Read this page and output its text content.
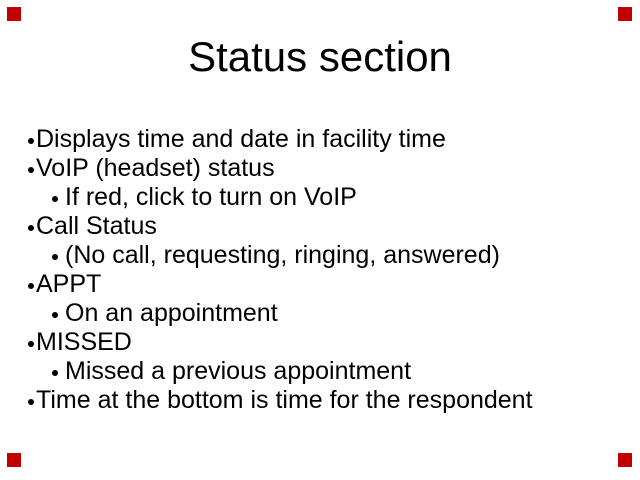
Status section
Displays time and date in facility time
VoIP (headset) status
If red, click to turn on VoIP
Call Status
(No call, requesting, ringing, answered)
APPT
On an appointment
MISSED
Missed a previous appointment
Time at the bottom is time for the respondent
